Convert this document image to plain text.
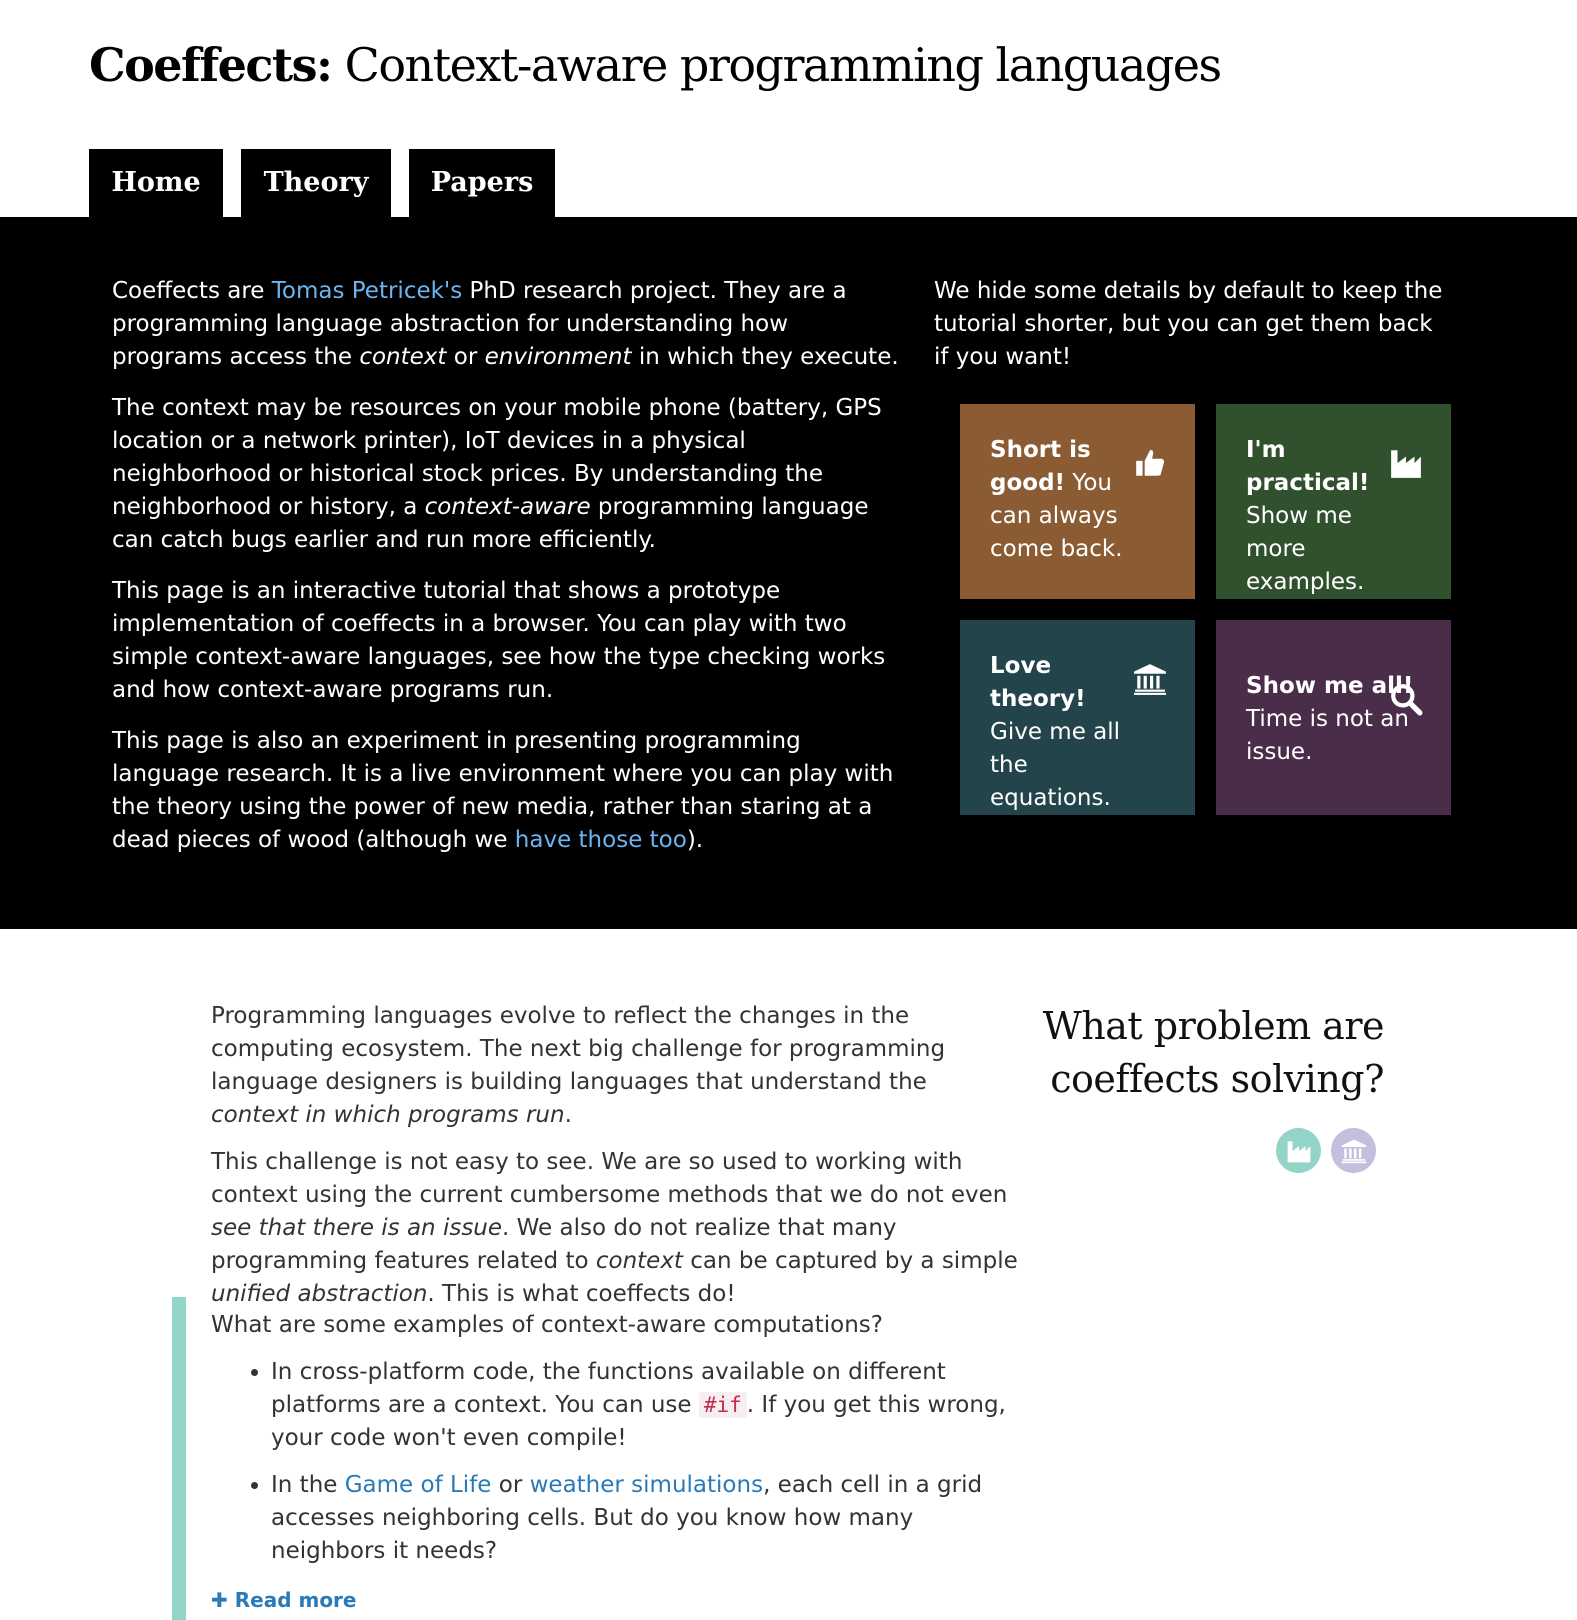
Coeffects: Context-aware programming languages
Home	Theory	Papers

Coeffects are Tomas Petricek's PhD research project. They are a programming language abstraction for understanding how programs access the context or environment in which they execute.

The context may be resources on your mobile phone (battery, GPS location or a network printer), IoT devices in a physical neighborhood or historical stock prices. By understanding the neighborhood or history, a context-aware programming language can catch bugs earlier and run more efficiently.

This page is an interactive tutorial that shows a prototype implementation of coeffects in a browser. You can play with two simple context-aware languages, see how the type checking works and how context-aware programs run.

This page is also an experiment in presenting programming language research. It is a live environment where you can play with the theory using the power of new media, rather than staring at a dead pieces of wood (although we have those too).

We hide some details by default to keep the tutorial shorter, but you can get them back if you want!

Short is good! You can always come back.
I'm practical! Show me more examples.
Love theory! Give me all the equations.
Show me all! Time is not an issue.

Programming languages evolve to reflect the changes in the computing ecosystem. The next big challenge for programming language designers is building languages that understand the context in which programs run.

This challenge is not easy to see. We are so used to working with context using the current cumbersome methods that we do not even see that there is an issue. We also do not realize that many programming features related to context can be captured by a simple unified abstraction. This is what coeffects do!

What problem are coeffects solving?

What are some examples of context-aware computations?

• In cross-platform code, the functions available on different platforms are a context. You can use #if . If you get this wrong, your code won't even compile!
• In the Game of Life or weather simulations, each cell in a grid accesses neighboring cells. But do you know how many neighbors it needs?
✚ Read more
